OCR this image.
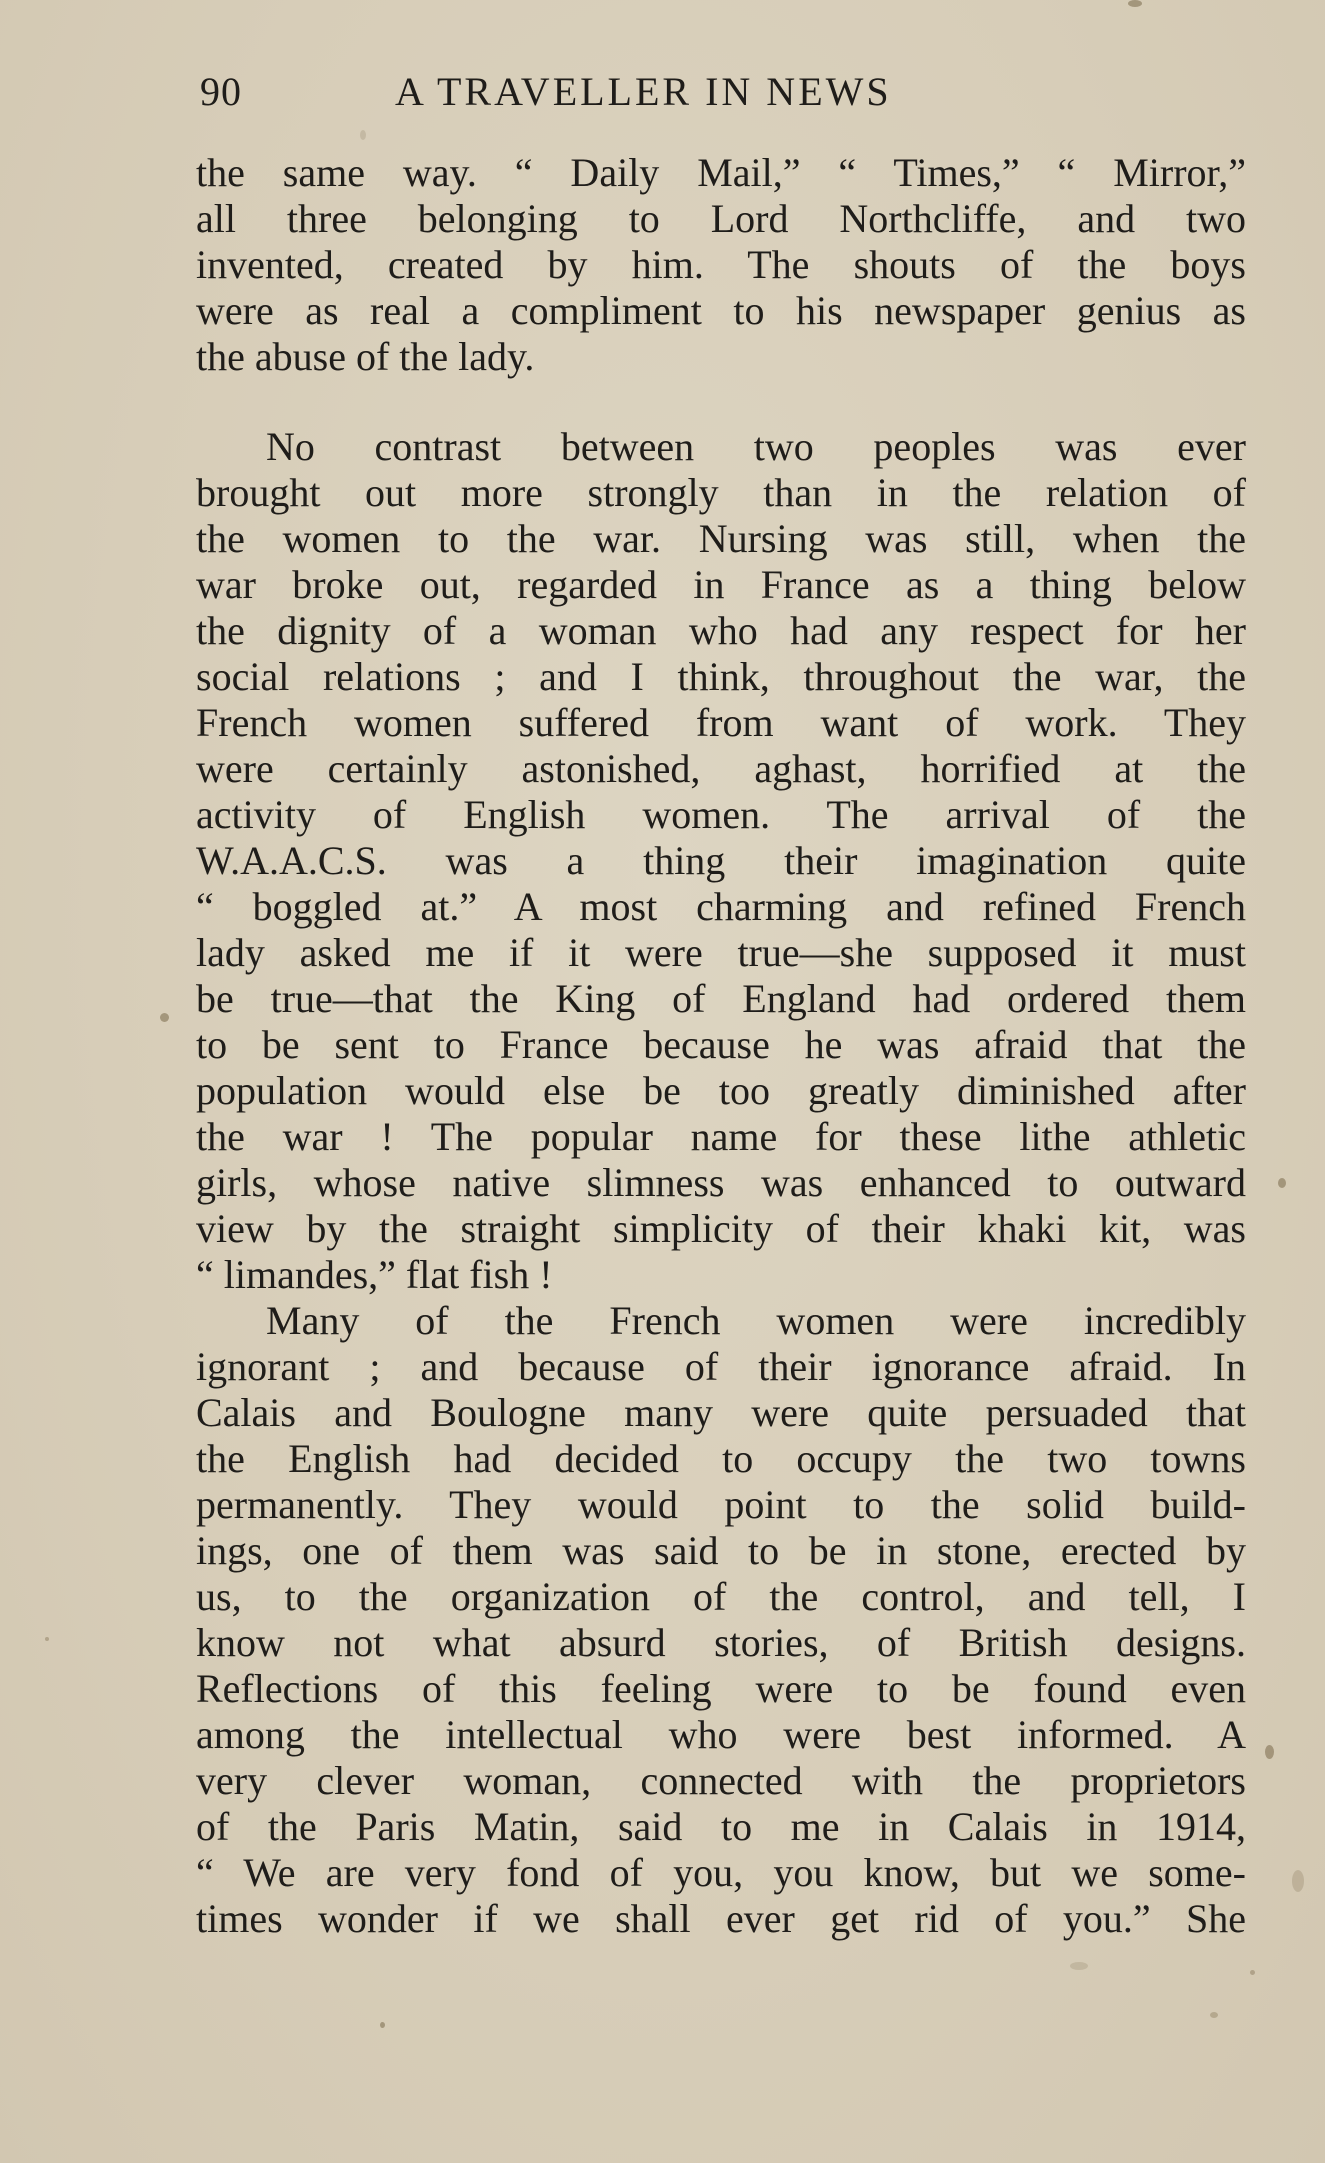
90	A TRAVELLER IN NEWS
the same way. “ Daily Mail,” “ Times,” “ Mirror,”
all three belonging to Lord Northcliffe, and two
invented, created by him. The shouts of the boys
were as real a compliment to his newspaper genius as
the abuse of the lady.
No contrast between two peoples was ever
brought out more strongly than in the relation of
the women to the war. Nursing was still, when the
war broke out, regarded in France as a thing below
the dignity of a woman who had any respect for her
social relations ; and I think, throughout the war, the
French women suffered from want of work. They
were certainly astonished, aghast, horrified at the
activity of English women. The arrival of the
W.A.A.C.S. was a thing their imagination quite
“ boggled at.” A most charming and refined French
lady asked me if it were true—she supposed it must
be true—that the King of England had ordered them
to be sent to France because he was afraid that the
population would else be too greatly diminished after
the war ! The popular name for these lithe athletic
girls, whose native slimness was enhanced to outward
view by the straight simplicity of their khaki kit, was
“ limandes,” flat fish !
Many of the French women were incredibly
ignorant ; and because of their ignorance afraid. In
Calais and Boulogne many were quite persuaded that
the English had decided to occupy the two towns
permanently. They would point to the solid build-
ings, one of them was said to be in stone, erected by
us, to the organization of the control, and tell, I
know not what absurd stories, of British designs.
Reflections of this feeling were to be found even
among the intellectual who were best informed. A
very clever woman, connected with the proprietors
of the Paris Matin, said to me in Calais in 1914,
“ We are very fond of you, you know, but we some-
times wonder if we shall ever get rid of you.” She
